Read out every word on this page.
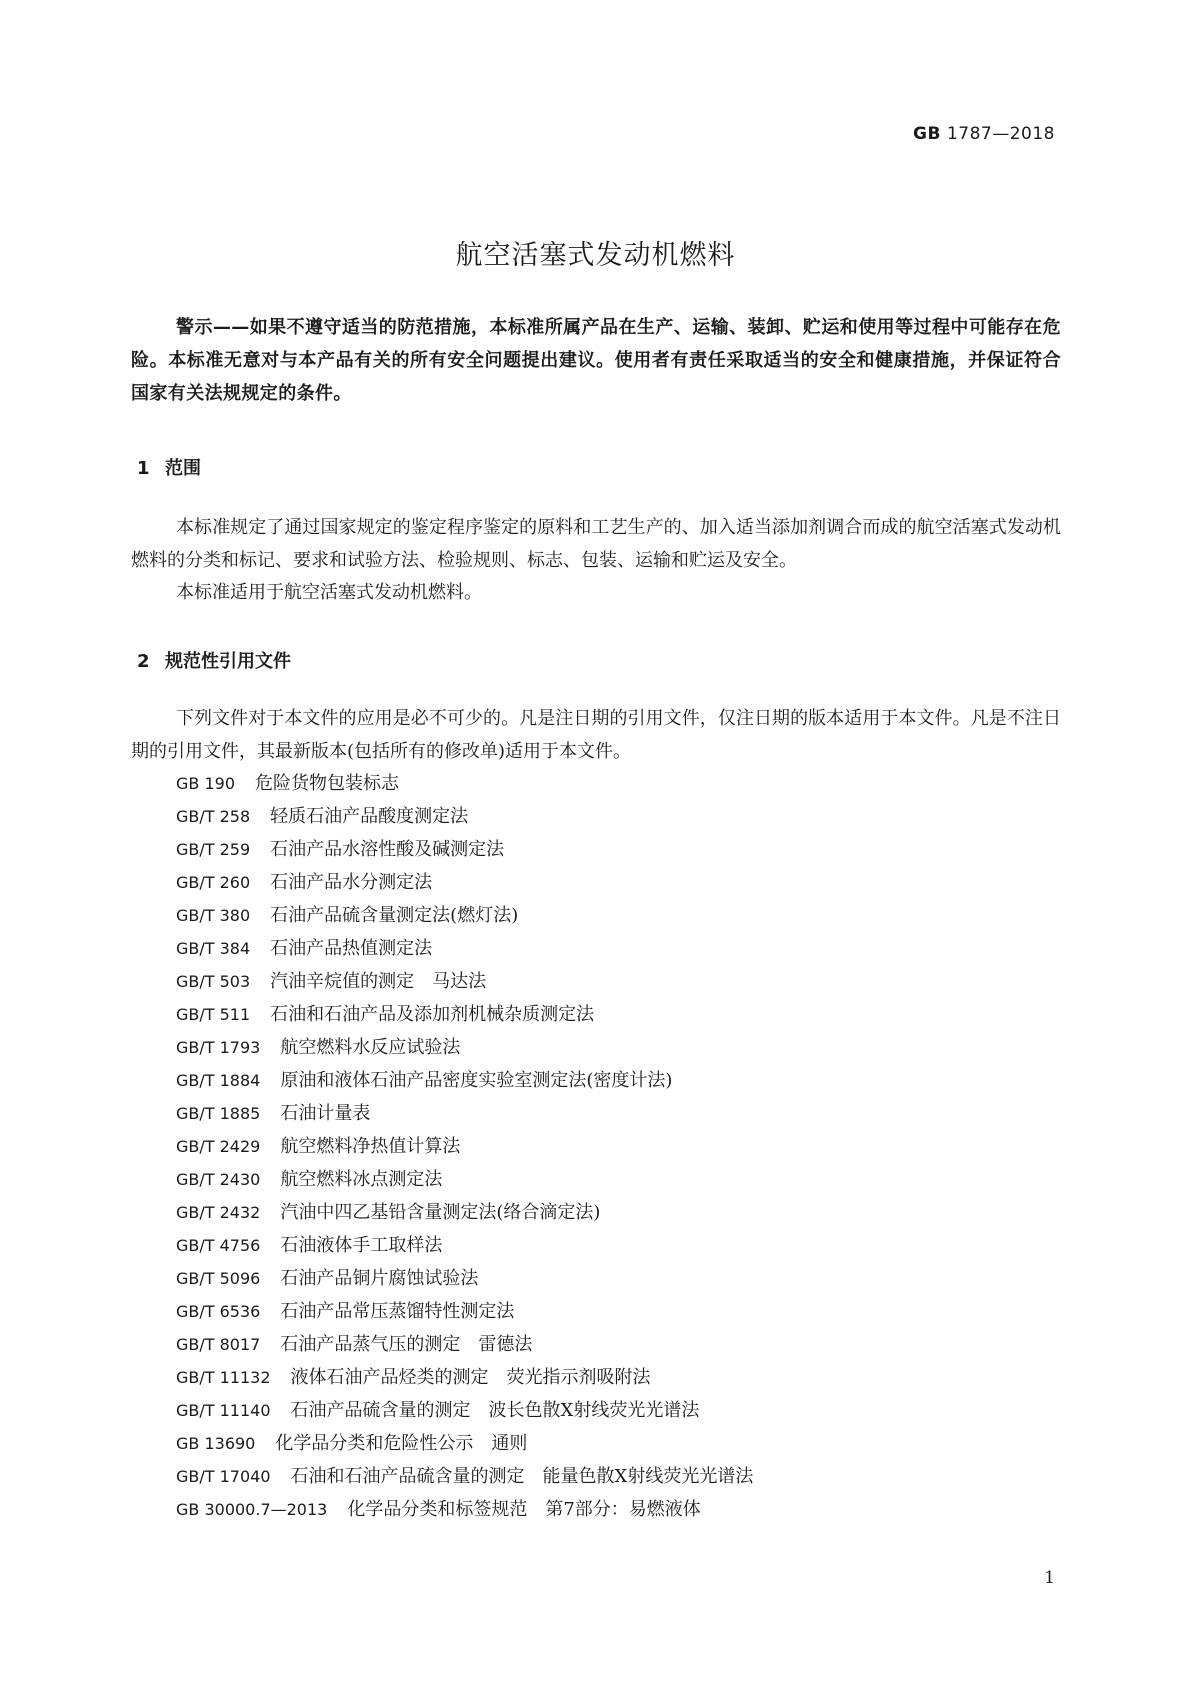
GB 1787—2018
航空活塞式发动机燃料
警示——如果不遵守适当的防范措施，本标准所属产品在生产、运输、装卸、贮运和使用等过程中可能存在危险。本标准无意对与本产品有关的所有安全问题提出建议。使用者有责任采取适当的安全和健康措施，并保证符合国家有关法规规定的条件。
1 范围
本标准规定了通过国家规定的鉴定程序鉴定的原料和工艺生产的、加入适当添加剂调合而成的航空活塞式发动机燃料的分类和标记、要求和试验方法、检验规则、标志、包装、运输和贮运及安全。
本标准适用于航空活塞式发动机燃料。
2 规范性引用文件
下列文件对于本文件的应用是必不可少的。凡是注日期的引用文件，仅注日期的版本适用于本文件。凡是不注日期的引用文件，其最新版本(包括所有的修改单)适用于本文件。
GB 190 危险货物包装标志
GB/T 258 轻质石油产品酸度测定法
GB/T 259 石油产品水溶性酸及碱测定法
GB/T 260 石油产品水分测定法
GB/T 380 石油产品硫含量测定法(燃灯法)
GB/T 384 石油产品热值测定法
GB/T 503 汽油辛烷值的测定　马达法
GB/T 511 石油和石油产品及添加剂机械杂质测定法
GB/T 1793 航空燃料水反应试验法
GB/T 1884 原油和液体石油产品密度实验室测定法(密度计法)
GB/T 1885 石油计量表
GB/T 2429 航空燃料净热值计算法
GB/T 2430 航空燃料冰点测定法
GB/T 2432 汽油中四乙基铅含量测定法(络合滴定法)
GB/T 4756 石油液体手工取样法
GB/T 5096 石油产品铜片腐蚀试验法
GB/T 6536 石油产品常压蒸馏特性测定法
GB/T 8017 石油产品蒸气压的测定　雷德法
GB/T 11132 液体石油产品烃类的测定　荧光指示剂吸附法
GB/T 11140 石油产品硫含量的测定　波长色散X射线荧光光谱法
GB 13690 化学品分类和危险性公示　通则
GB/T 17040 石油和石油产品硫含量的测定　能量色散X射线荧光光谱法
GB 30000.7—2013 化学品分类和标签规范　第7部分：易燃液体
1
